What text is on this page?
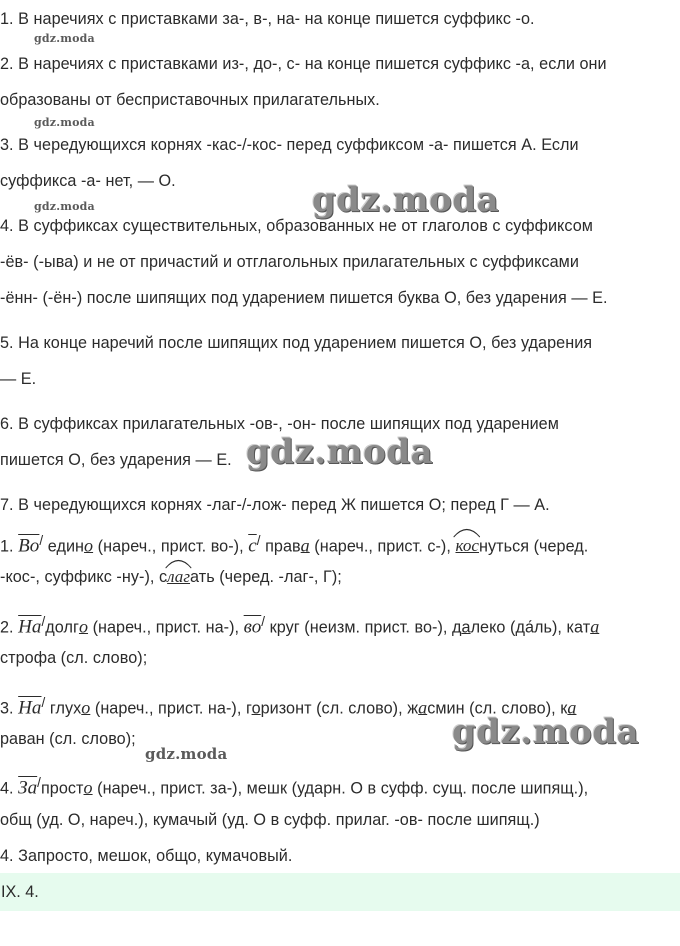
1. В наречиях с приставками за-, в-, на- на конце пишется суффикс -о.
gdz.moda
2. В наречиях с приставками из-, до-, с- на конце пишется суффикс -а, если они
образованы от бесприставочных прилагательных.
gdz.moda
3. В чередующихся корнях -кас-/-кос- перед суффиксом -а- пишется А. Если
суффикса -а- нет, — О.	gdz.moda
gdz.moda
4. В суффиксах существительных, образованных не от глаголов с суффиксом
-ёв- (-ыва) и не от причастий и отглагольных прилагательных с суффиксами
-ённ- (-ён-) после шипящих под ударением пишется буква О, без ударения — Е.
5. На конце наречий после шипящих под ударением пишется О, без ударения
— Е.
6. В суффиксах прилагательных -ов-, -он- после шипящих под ударением
пишется О, без ударения — Е. gdz.moda
7. В чередующихся корнях -лаг-/-лож- перед Ж пишется О; перед Г — А.
1. Во/ едино (нареч., прист. во-), с/ права (нареч., прист. с-), коснуться (черед.
-кос-, суффикс -ну-), с
лагать (черед. -лаг-, Г);
2. На/долго (нареч., прист. на-), во/ круг (неизм. прист. во-), далеко (да́ль), ката
строфа (сл. слово);
3. На/ глухо (нареч., прист. на-), горизонт (сл. слово), жасмин (сл. слово), ка
раван (сл. слово);	gdz.moda
gdz.moda
4. За/просто (нареч., прист. за-), мешк (ударн. О в суфф. сущ. после шипящ.),
общ (уд. О, нареч.), кумачый (уд. О в суфф. прилаг. -ов- после шипящ.)
4. Запросто, мешок, общо, кумачовый.
IX. 4.
